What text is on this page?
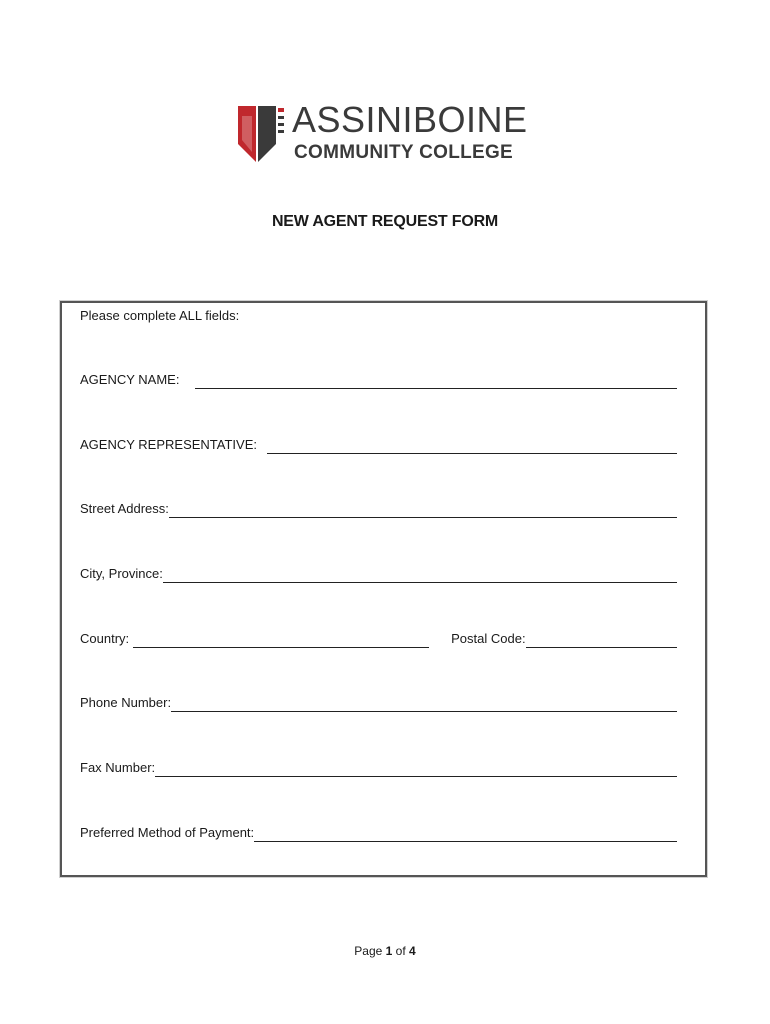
ASSINIBOINE
COMMUNITY COLLEGE
NEW AGENT REQUEST FORM
Please complete ALL fields:
AGENCY NAME:
AGENCY REPRESENTATIVE:
Street Address:
City, Province:
Country:	Postal Code:
Phone Number:
Fax Number:
Preferred Method of Payment:
Page 1 of 4
